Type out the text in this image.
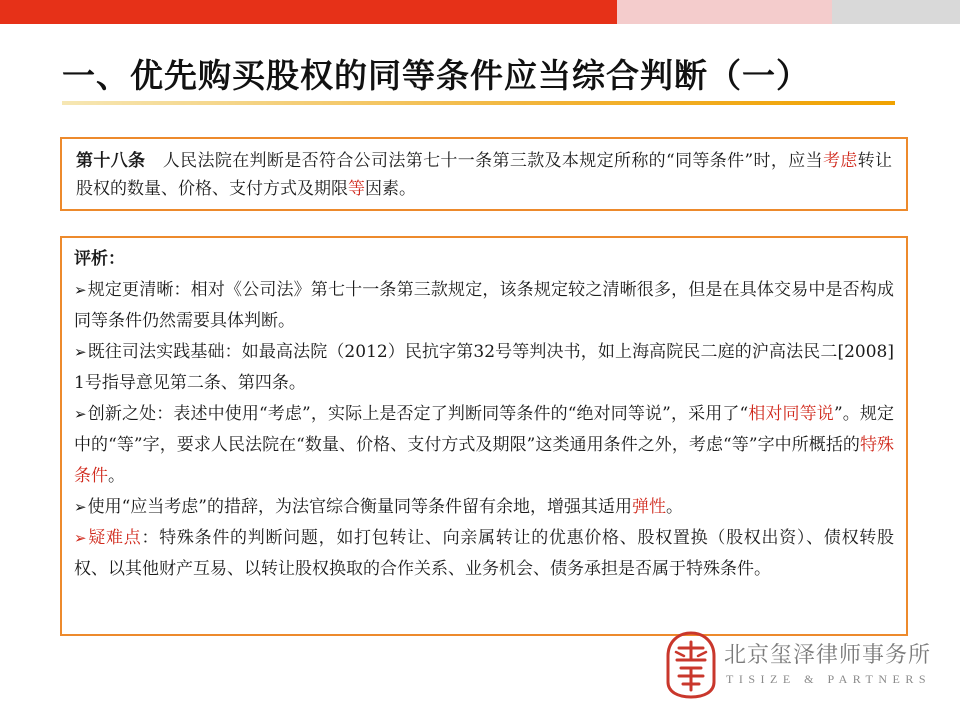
一、优先购买股权的同等条件应当综合判断（一）

第十八条　 人民法院在判断是否符合公司法第七十一条第三款及本规定所称的“同等条件”时，应当考虑转让股权的数量、价格、支付方式及期限等因素。

评析：

➢规定更清晰：相对《公司法》第七十一条第三款规定，该条规定较之清晰很多，但是在具体交易中是否构成同等条件仍然需要具体判断。

➢既往司法实践基础：如最高法院（2012）民抗字第32号等判决书，如上海高院民二庭的沪高法民二[2008]1号指导意见第二条、第四条。

➢创新之处：表述中使用“考虑”，实际上是否定了判断同等条件的“绝对同等说”，采用了“相对同等说”。规定中的“等”字，要求人民法院在“数量、价格、支付方式及期限”这类通用条件之外，考虑“等”字中所概括的特殊条件。

➢使用“应当考虑”的措辞，为法官综合衡量同等条件留有余地，增强其适用弹性。

➢疑难点：特殊条件的判断问题，如打包转让、向亲属转让的优惠价格、股权置换（股权出资）、债权转股权、以其他财产互易、以转让股权换取的合作关系、业务机会、债务承担是否属于特殊条件。

北京玺泽律师事务所
TISIZE & PARTNERS
